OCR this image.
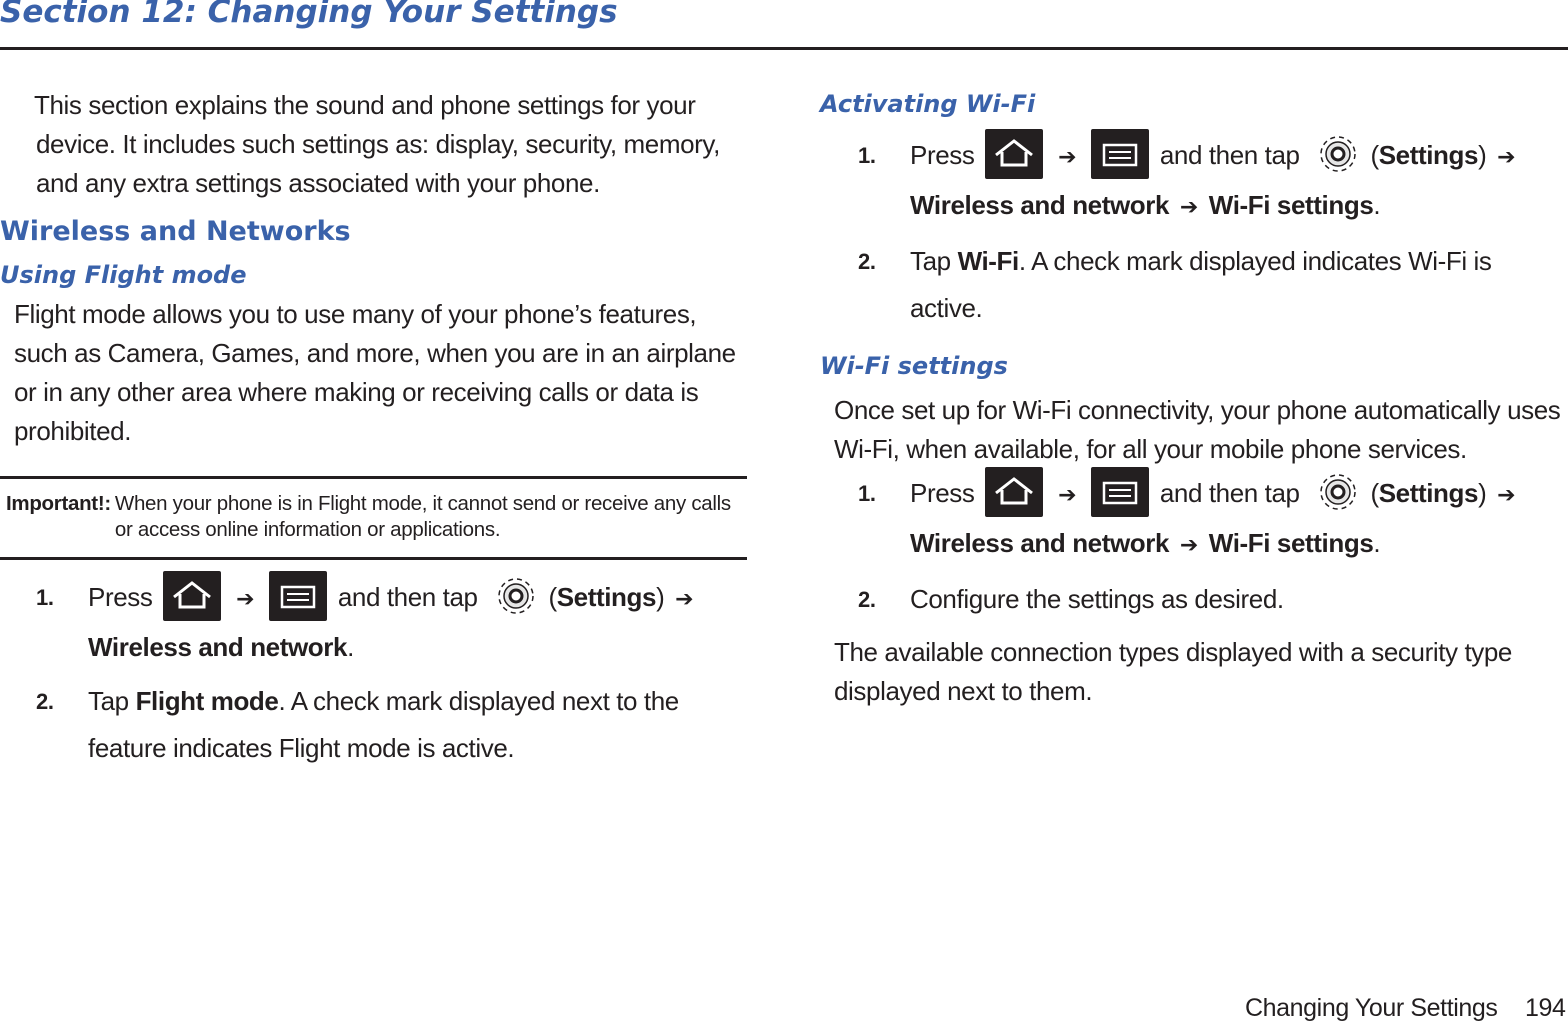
Section 12: Changing Your Settings

This section explains the sound and phone settings for your device. It includes such settings as: display, security, memory, and any extra settings associated with your phone.

Wireless and Networks
Using Flight mode

Flight mode allows you to use many of your phone’s features, such as Camera, Games, and more, when you are in an airplane or in any other area where making or receiving calls or data is prohibited.

Important!: When your phone is in Flight mode, it cannot send or receive any calls or access online information or applications.
1.	Press	➔	and then tap	(Settings) ➔
Wireless and network.
2.	Tap Flight mode. A check mark displayed next to the feature indicates Flight mode is active.
Activating Wi-Fi
1.	Press	➔	and then tap	(Settings) ➔
Wireless and network ➔ Wi-Fi settings.
2.	Tap Wi-Fi. A check mark displayed indicates Wi-Fi is active.
Wi-Fi settings

Once set up for Wi-Fi connectivity, your phone automatically uses Wi-Fi, when available, for all your mobile phone services.

1.	Press	➔	and then tap	(Settings) ➔
Wireless and network ➔ Wi-Fi settings.
2.	Configure the settings as desired.

The available connection types displayed with a security type displayed next to them.

Changing Your Settings 194
